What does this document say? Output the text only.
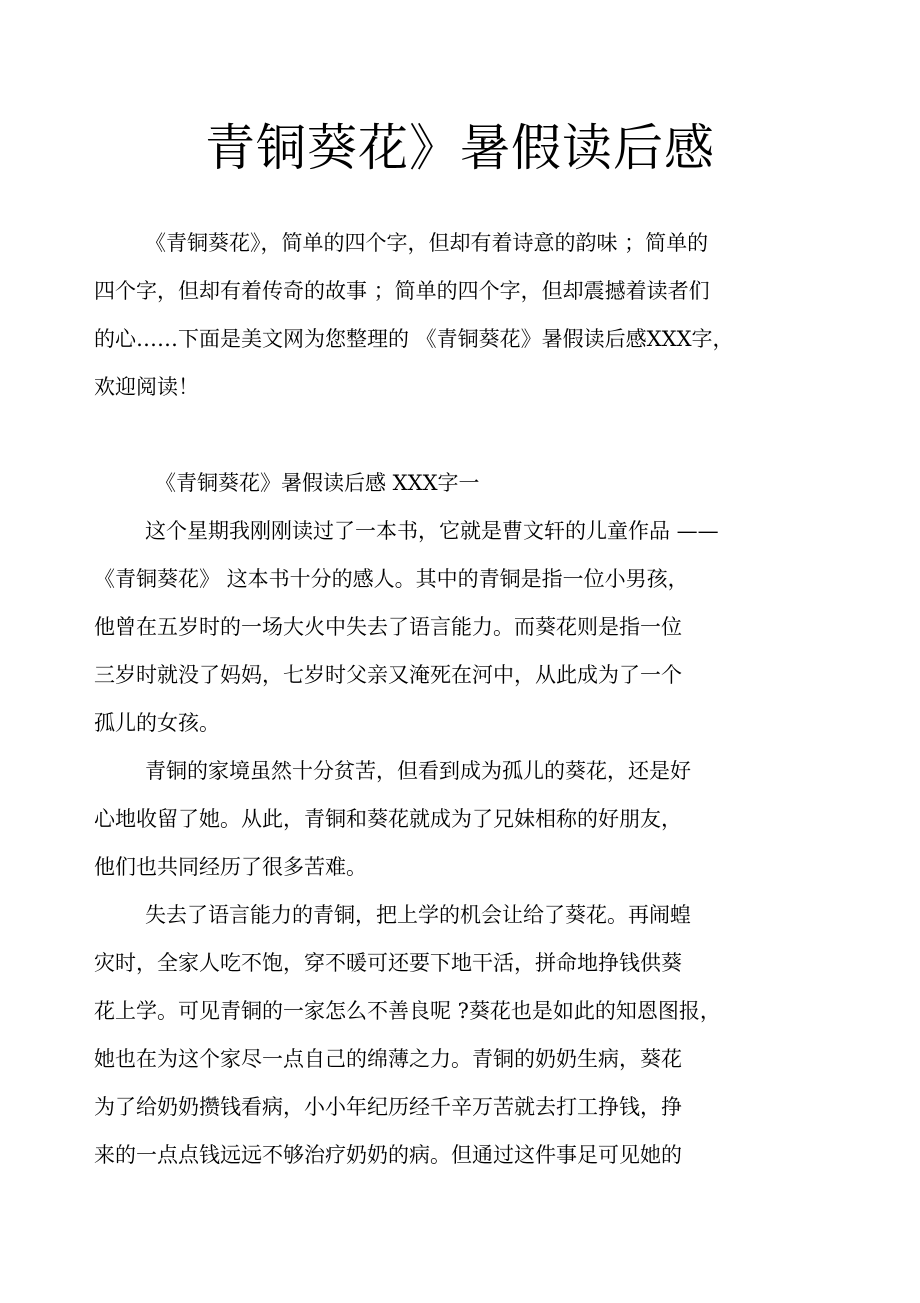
青铜葵花》暑假读后感
《青铜葵花》，简单的四个字，但却有着诗意的韵味 ；简单的
四个字，但却有着传奇的故事 ；简单的四个字，但却震撼着读者们
的心……下面是美文网为您整理的 《青铜葵花》暑假读后感XXX字，
欢迎阅读！
《青铜葵花》暑假读后感 XXX字一
这个星期我刚刚读过了一本书，它就是曹文轩的儿童作品 ——
《青铜葵花》 这本书十分的感人。其中的青铜是指一位小男孩，
他曾在五岁时的一场大火中失去了语言能力。而葵花则是指一位
三岁时就没了妈妈，七岁时父亲又淹死在河中，从此成为了一个
孤儿的女孩。
青铜的家境虽然十分贫苦，但看到成为孤儿的葵花，还是好
心地收留了她。从此，青铜和葵花就成为了兄妹相称的好朋友，
他们也共同经历了很多苦难。
失去了语言能力的青铜，把上学的机会让给了葵花。再闹蝗
灾时，全家人吃不饱，穿不暖可还要下地干活，拼命地挣钱供葵
花上学。可见青铜的一家怎么不善良呢 ?葵花也是如此的知恩图报，
她也在为这个家尽一点自己的绵薄之力。青铜的奶奶生病，葵花
为了给奶奶攒钱看病，小小年纪历经千辛万苦就去打工挣钱，挣
来的一点点钱远远不够治疗奶奶的病。但通过这件事足可见她的
